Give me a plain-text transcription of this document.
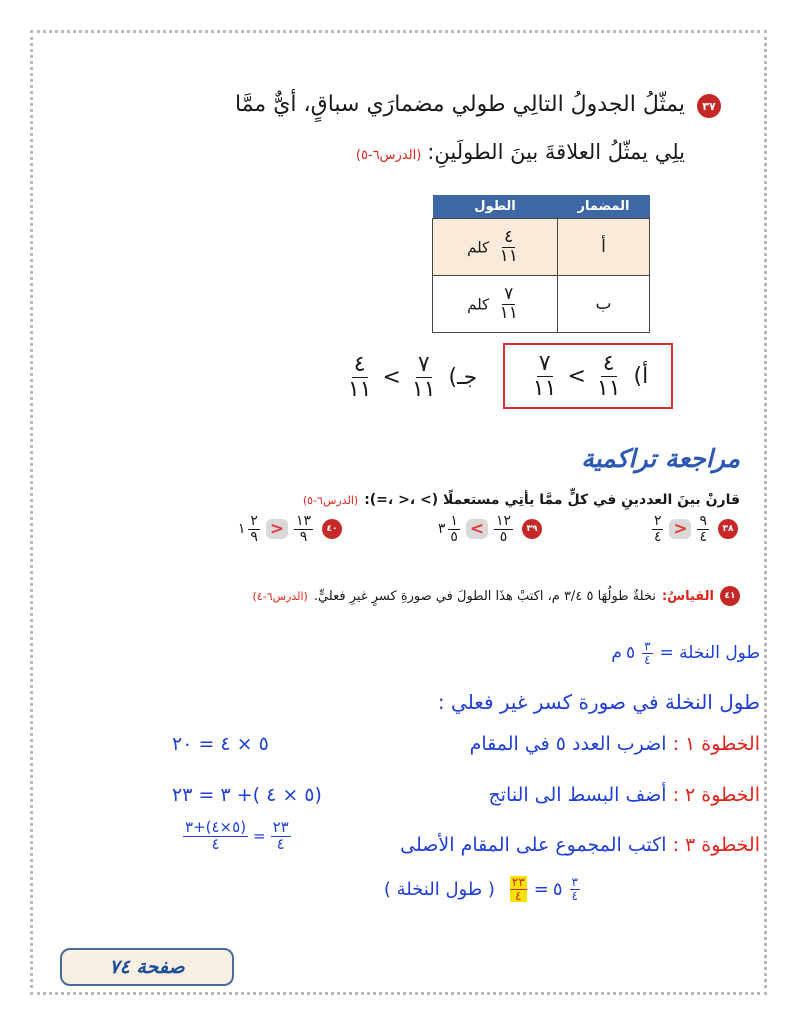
٣٧
يمثّلُ الجدولُ التالِي طولي مضمارَي سباقٍ، أيٌّ ممَّا
يلِي يمثّلُ العلاقةَ بينَ الطولَينِ:
(الدرس٦-٥)
المضمار	الطول
أ	$\frac{٤}{١١}$
كلم
ب	$\frac{٧}{١١}$
كلم
أ)
$\frac{٤}{١١}$
>
$\frac{٧}{١١}$
جـ)
$\frac{٧}{١١}$
>
$\frac{٤}{١١}$
مراجعة تراكمية
قارنْ بينَ العددينِ في كلٍّ ممَّا يأتِي مستعملًا (> ،< ،=):
(الدرس٦-٥)
٣٨
$\frac{٩}{٤}$
<
$\frac{٢}{٤}$
٣٩
$\frac{١٢}{٥}$
>
$\frac{١}{٥}$
٣
٤٠
$\frac{١٣}{٩}$
<
$\frac{٢}{٩}$
١
٤١
القياسُ:
نخلةٌ طولُهَا ٥ ٣/٤ م، اكتبْ هذَا الطولَ في صورةِ كسرٍ غيرِ فعليٍّ.
(الدرس٦-٤)
طول النخلة =
$\frac{٣}{٤}$
٥
م
طول النخلة في صورة كسر غير فعلي :
الخطوة ١ : اضرب العدد ٥ في المقام
٥ × ٤ = ٢٠
الخطوة ٢ : أضف البسط الى الناتج
(٥ × ٤ )+ ٣ = ٢٣
الخطوة ٣ : اكتب المجموع على المقام الأصلى
$\frac{٢٣}{٤}$
=
$\frac{(٥\times ٤)+٣}{٤}$
$\frac{٣}{٤}$
٥
=
$\frac{٢٣}{٤}$
( طول النخلة )
صفحة ٧٤
